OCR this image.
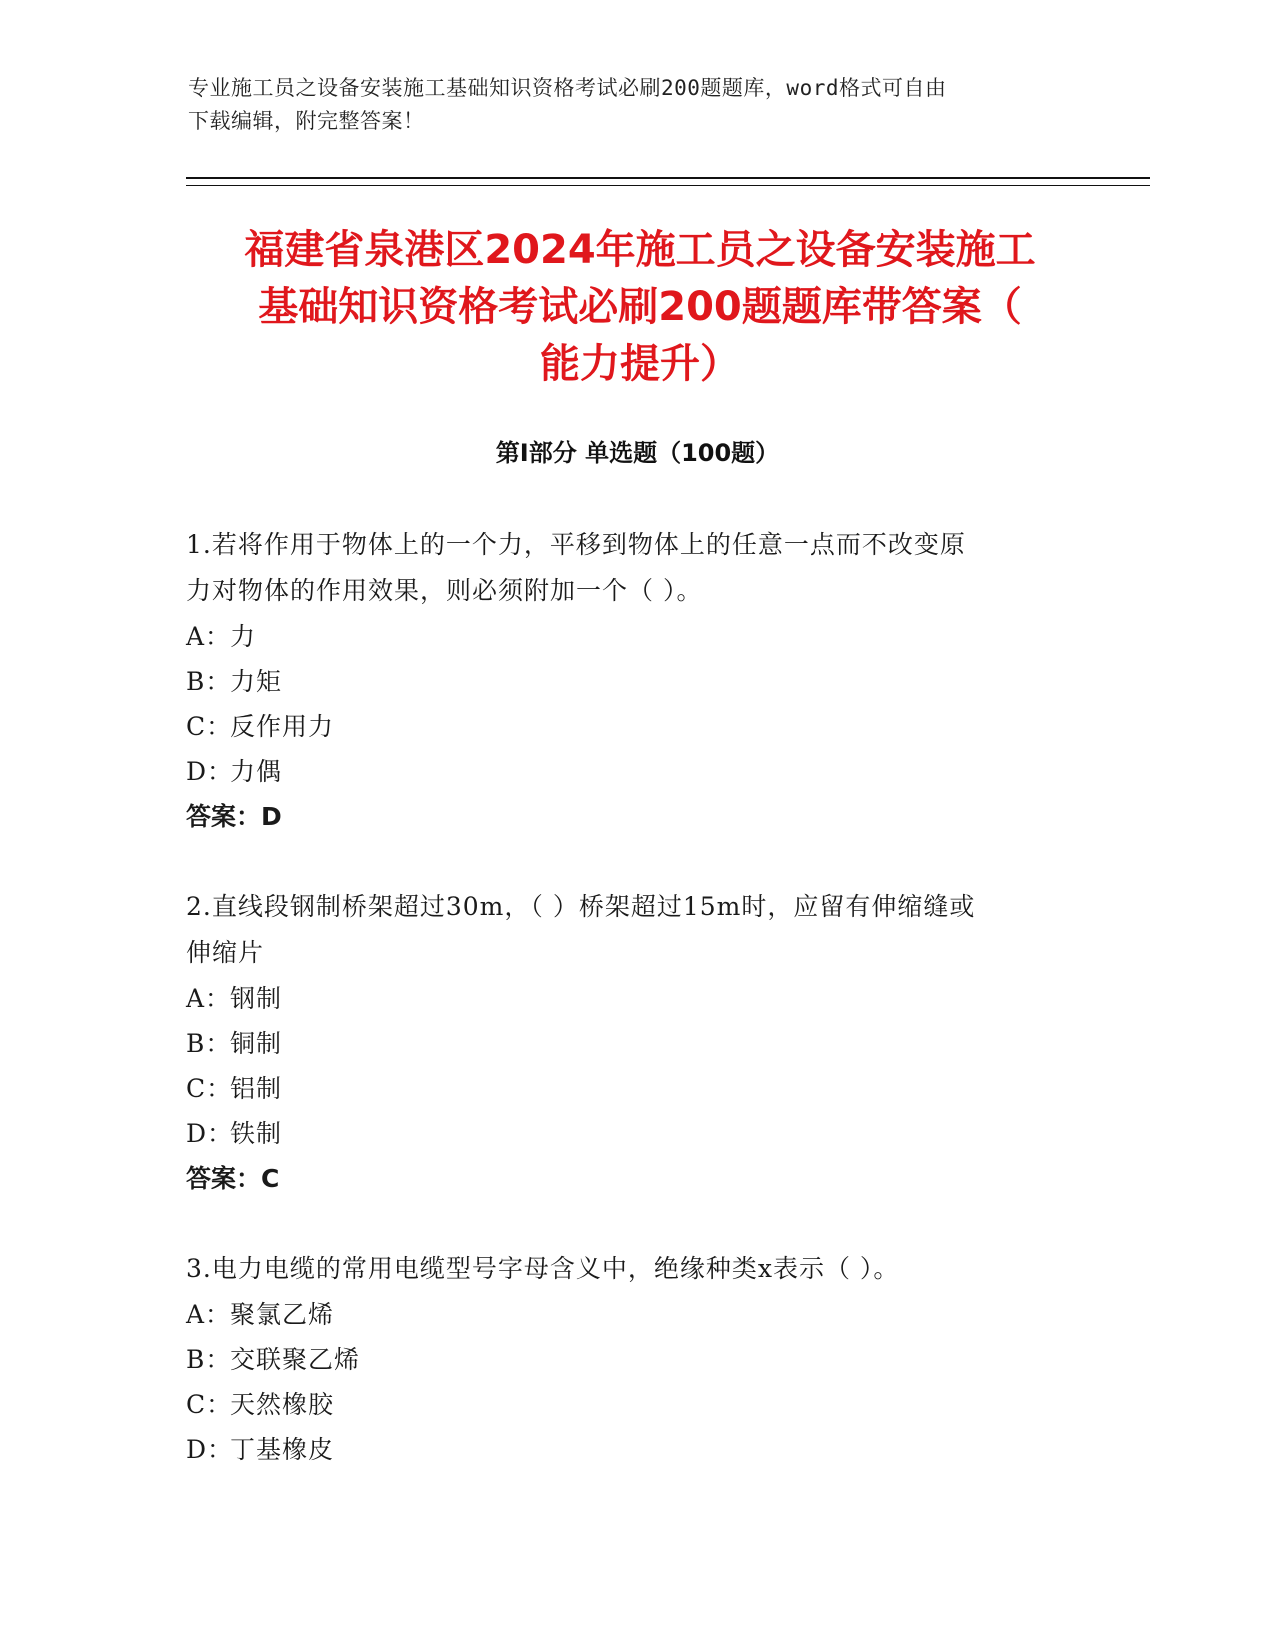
专业施工员之设备安装施工基础知识资格考试必刷200题题库，word格式可自由
下载编辑，附完整答案！
福建省泉港区2024年施工员之设备安装施工
基础知识资格考试必刷200题题库带答案（
能力提升）
第Ⅰ部分 单选题（100题）
1.若将作用于物体上的一个力，平移到物体上的任意一点而不改变原
力对物体的作用效果，则必须附加一个（ ）。
A：力
B：力矩
C：反作用力
D：力偶
答案：D
2.直线段钢制桥架超过30m，（ ）桥架超过15m时，应留有伸缩缝或
伸缩片
A：钢制
B：铜制
C：铝制
D：铁制
答案：C
3.电力电缆的常用电缆型号字母含义中，绝缘种类x表示（ ）。
A：聚氯乙烯
B：交联聚乙烯
C：天然橡胶
D：丁基橡皮
